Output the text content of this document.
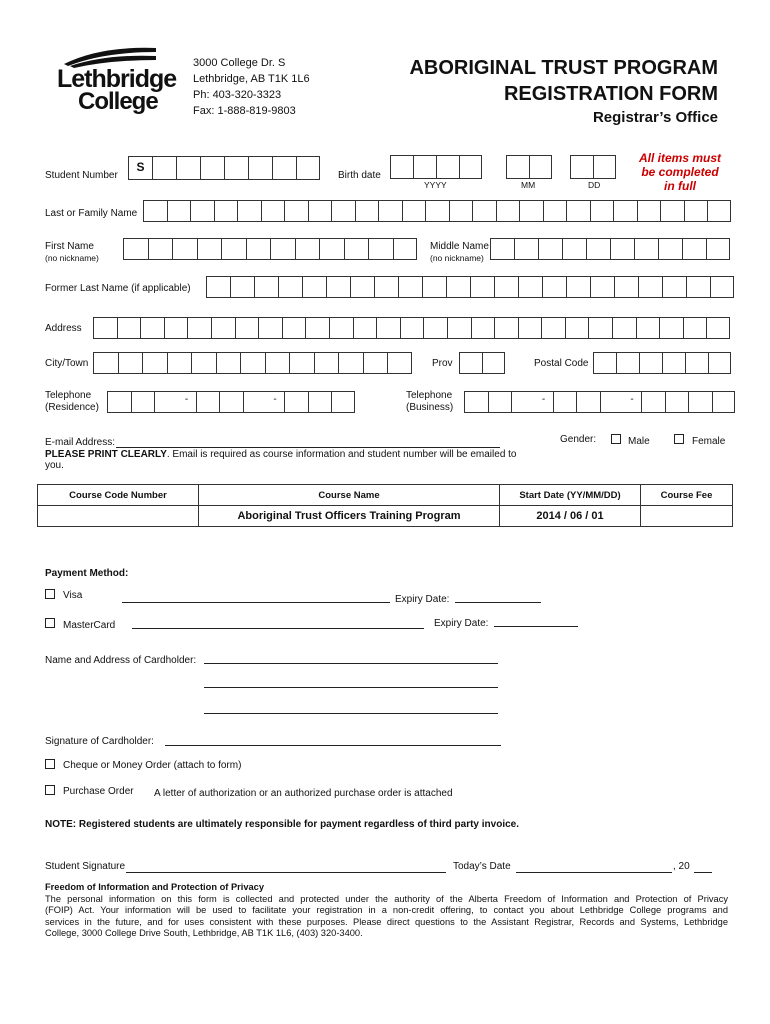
Lethbridge
College
3000 College Dr. S
Lethbridge, AB T1K 1L6
Ph: 403-320-3323
Fax: 1-888-819-9803
ABORIGINAL TRUST PROGRAM
REGISTRATION FORM
Registrar’s Office
All items must
be completed
in full
Student Number
S
Birth date
YYYY	MM	DD
Last or Family Name
First Name
(no nickname)
Middle Name
(no nickname)
Former Last Name (if applicable)
Address
City/Town	Prov	Postal Code
Telephone
(Residence)
-	-	Telephone
(Business)
-	-
E-mail Address:
PLEASE PRINT CLEARLY. Email is required as course information and student number will be emailed to
you.
Gender:	Male	Female
Course Code Number	Course Name	Start Date (YY/MM/DD)	Course Fee
	Aboriginal Trust Officers Training Program	2014 / 06 / 01	
Payment Method:
Visa	Expiry Date:
MasterCard	Expiry Date:
Name and Address of Cardholder:
Signature of Cardholder:
Cheque or Money Order (attach to form)
Purchase Order A letter of authorization or an authorized purchase order is attached
NOTE: Registered students are ultimately responsible for payment regardless of third party invoice.
Student Signature	Today’s Date	, 20
Freedom of Information and Protection of Privacy
The personal information on this form is collected and protected under the authority of the Alberta Freedom of Information and Protection of Privacy
(FOIP) Act. Your information will be used to facilitate your registration in a non-credit offering, to contact you about Lethbridge College programs and
services in the future, and for uses consistent with these purposes. Please direct questions to the Assistant Registrar, Records and Systems, Lethbridge
College, 3000 College Drive South, Lethbridge, AB T1K 1L6, (403) 320-3400.
